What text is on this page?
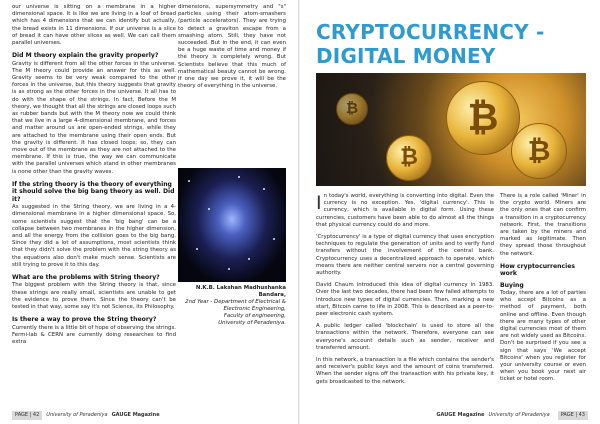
our universe is sitting on a membrane in a higher dimensional space. It is like we are living in a loaf of bread which has 4 dimensions that we can identify but actually, the bread exists in 11 dimensions. If our universe is a slice of bread it can have other slices as well. We can call them parallel universes.

Did M theory explain the gravity properly?

Gravity is different from all the other forces in the universe. The M theory could provide an answer for this as well. Gravity seems to be very weak compared to the other forces in the universe, but this theory suggests that gravity is as strong as the other forces in the universe. It all has to do with the shape of the strings. In fact, Before the M theory, we thought that all the strings are closed loops such as rubber bands but with the M theory now we could think that we live in a large 4-dimensional membrane, and forces and matter around us are open-ended strings, while they are attached to the membrane using their open ends. But the gravity is different. It has closed loops; so, they can move out of the membrane as they are not attached to the membrane. If this is true, the way we can communicate with the parallel universes which stand in other membranes is none other than the gravity waves.

If the string theory is the theory of everything it should solve the big bang theory as well. Did it?

As suggested in the String theory, we are living in a 4-dimensional membrane in a higher dimensional space. So, some scientists suggest that the 'big bang' can be a collapse between two membranes in the higher dimension, and all the energy from the collision goes to the big bang. Since they did a lot of assumptions, most scientists think that they didn't solve the problem with the string theory as the equations also don't make much sense. Scientists are still trying to prove it to this day.

What are the problems with String theory?

The biggest problem with the String theory is that, since these strings are really small, scientists are unable to get the evidence to prove them. Since the theory can't be tested in that way, some say it's not Science, its Philosophy.

Is there a way to prove the String theory?

Currently there is a little bit of hope of observing the strings. Fermi-lab & CERN are currently doing researches to find extra

dimensions, supersymmetry and "s" particles using their atom-smashers (particle accelerators). They are trying to detect a graviton escape from a smashing atom. Still, they have not succeeded. But in the end, it can even be a huge waste of time and money if the theory is completely wrong. But Scientists believe that this much of mathematical beauty cannot be wrong. If one day we prove it, it will be the theory of everything in the universe.

N.K.B. Lakshan Madhushanka Bandara,
2nd Year - Department of Electrical & Electronic Engineering,
Faculty of engineering,
University of Peradeniya.
PAGE | 42	University of Peradeniya GAUGE Magazine
CRYPTOCURRENCY -
DIGITAL MONEY
₿
₿
₿
₿

In today's world, everything is converting into digital. Even the currency is no exception. Yes, 'digital currency'. This is currency, which is available in digital form. Using these currencies, customers have been able to do almost all the things that physical currency could do and more.

'Cryptocurrency' is a type of digital currency that uses encryption techniques to regulate the generation of units and to verify fund transfers without the involvement of the central bank. Cryptocurrency uses a decentralized approach to operate, which means there are neither central servers nor a central governing authority.

David Chaum introduced this idea of digital currency in 1983. Over the last two decades, there had been few failed attempts to introduce new types of digital currencies. Then, marking a new start, Bitcoin came to life in 2008. This is described as a peer-to-peer electronic cash system.

A public ledger called 'blockchain' is used to store all the transactions within the network. Therefore, everyone can see everyone's account details such as sender, receiver and transferred amount.

In this network, a transaction is a file which contains the sender's and receiver's public keys and the amount of coins transferred. When the sender signs off the transaction with his private key, it gets broadcasted to the network.

There is a role called 'Miner' in the crypto world. Miners are the only ones that can confirm a transition in a cryptocurrency network. First, the transitions are taken by the miners and marked as legitimate. Then they spread those throughout the network.

How cryptocurrencies work
Buying

Today, there are a lot of parties who accept Bitcoins as a method of payment, both online and offline. Even though there are many types of other digital currencies most of them are not widely used as Bitcoins. Don't be surprised if you see a sign that says 'We accept Bitcoins' when you register for your university course or even when you book your next air ticket or hotel room.

GAUGE Magazine University of Peradeniya	PAGE | 43
